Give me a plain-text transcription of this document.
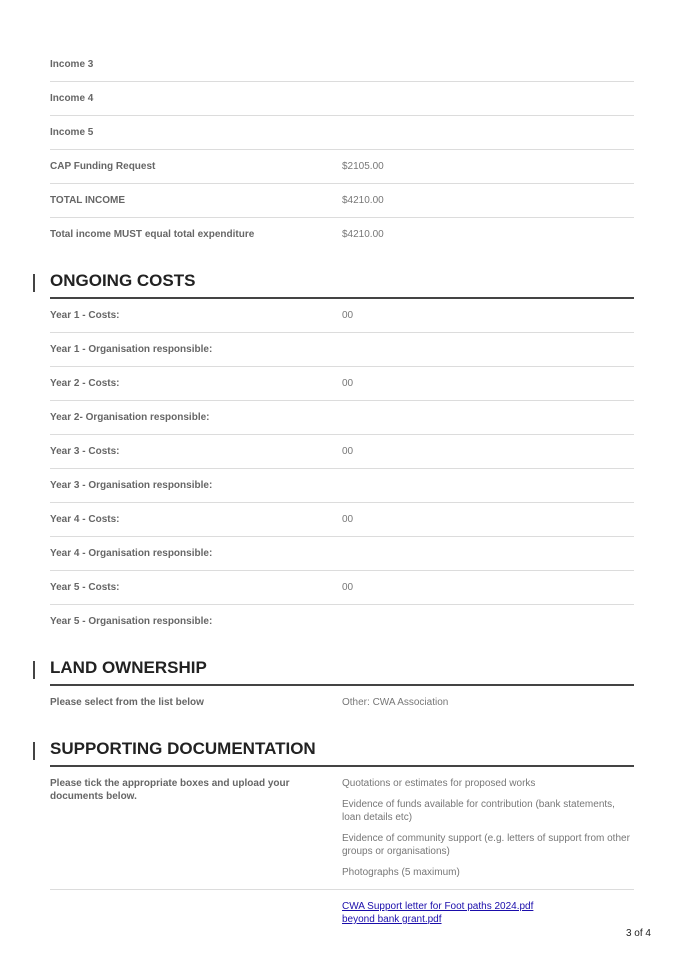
Income 3
Income 4
Income 5
CAP Funding Request	$2105.00
TOTAL INCOME	$4210.00
Total income MUST equal total expenditure	$4210.00
ONGOING COSTS
Year 1 - Costs:	00
Year 1 - Organisation responsible:
Year 2 - Costs:	00
Year 2- Organisation responsible:
Year 3 - Costs:	00
Year 3 - Organisation responsible:
Year 4 - Costs:	00
Year 4 - Organisation responsible:
Year 5 - Costs:	00
Year 5 - Organisation responsible:
LAND OWNERSHIP
Please select from the list below	Other: CWA Association
SUPPORTING DOCUMENTATION
Please tick the appropriate boxes and upload your documents below.
Quotations or estimates for proposed works
Evidence of funds available for contribution (bank statements, loan details etc)
Evidence of community support (e.g. letters of support from other groups or organisations)
Photographs (5 maximum)
CWA Support letter for Foot paths 2024.pdf
beyond bank grant.pdf
3 of 4
